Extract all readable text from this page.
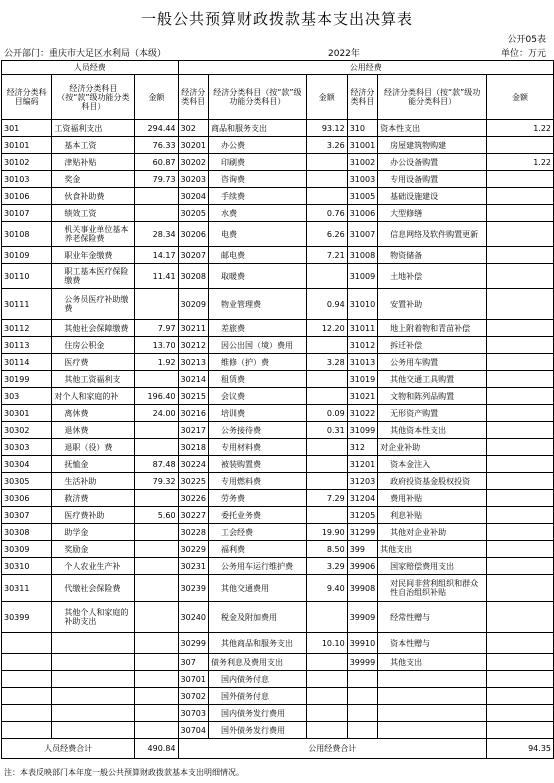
一般公共预算财政拨款基本支出决算表
公开05表
公开部门：重庆市大足区水利局（本级）	2022年	单位：万元
人员经费			公用经费					
经济分类科目编码	经济分类科目（按“款”级功能分类科目）	金额	经济分类科目	经济分类科目（按“款”级功能分类科目）	金额	经济分类科目	经济分类科目（按“款”级功能分类科目）	金额
301	工资福利支出	294.44	302	商品和服务支出	93.12	310	资本性支出	1.22
30101	基本工资	76.33	30201	办公费	3.26	31001	房屋建筑物购建	
30102	津贴补贴	60.87	30202	印刷费		31002	办公设备购置	1.22
30103	奖金	79.73	30203	咨询费		31003	专用设备购置	
30106	伙食补助费		30204	手续费		31005	基础设施建设	
30107	绩效工资		30205	水费	0.76	31006	大型修缮	
30108	机关事业单位基本养老保险费	28.34	30206	电费	6.26	31007	信息网络及软件购置更新	
30109	职业年金缴费	14.17	30207	邮电费	7.21	31008	物资储备	
30110	职工基本医疗保险缴费	11.41	30208	取暖费		31009	土地补偿	
30111	公务员医疗补助缴费		30209	物业管理费	0.94	31010	安置补助	
30112	其他社会保障缴费	7.97	30211	差旅费	12.20	31011	地上附着物和青苗补偿	
30113	住房公积金	13.70	30212	因公出国（境）费用		31012	拆迁补偿	
30114	医疗费	1.92	30213	维修（护）费	3.28	31013	公务用车购置	
30199	其他工资福利支		30214	租赁费		31019	其他交通工具购置	
303	对个人和家庭的补	196.40	30215	会议费		31021	文物和陈列品购置	
30301	离休费	24.00	30216	培训费	0.09	31022	无形资产购置	
30302	退休费		30217	公务接待费	0.31	31099	其他资本性支出	
30303	退职（役）费		30218	专用材料费		312	对企业补助	
30304	抚恤金	87.48	30224	被装购置费		31201	资本金注入	
30305	生活补助	79.32	30225	专用燃料费		31203	政府投资基金股权投资	
30306	救济费		30226	劳务费	7.29	31204	费用补贴	
30307	医疗费补助	5.60	30227	委托业务费		31205	利息补贴	
30308	助学金		30228	工会经费	19.90	31299	其他对企业补助	
30309	奖励金		30229	福利费	8.50	399	其他支出	
30310	个人农业生产补		30231	公务用车运行维护费	3.29	39906	国家赔偿费用支出	
30311	代缴社会保险费		30239	其他交通费用	9.40	39908	对民间非营利组织和群众性自治组织补贴	
30399	其他个人和家庭的补助支出		30240	税金及附加费用		39909	经常性赠与	
			30299	其他商品和服务支出	10.10	39910	资本性赠与	
			307	债务利息及费用支出		39999	其他支出	
			30701	国内债务付息				
			30702	国外债务付息				
			30703	国内债务发行费用				
			30704	国外债务发行费用				
人员经费合计		490.84	公用经费合计					94.35
注：本表反映部门本年度一般公共预算财政拨款基本支出明细情况。
